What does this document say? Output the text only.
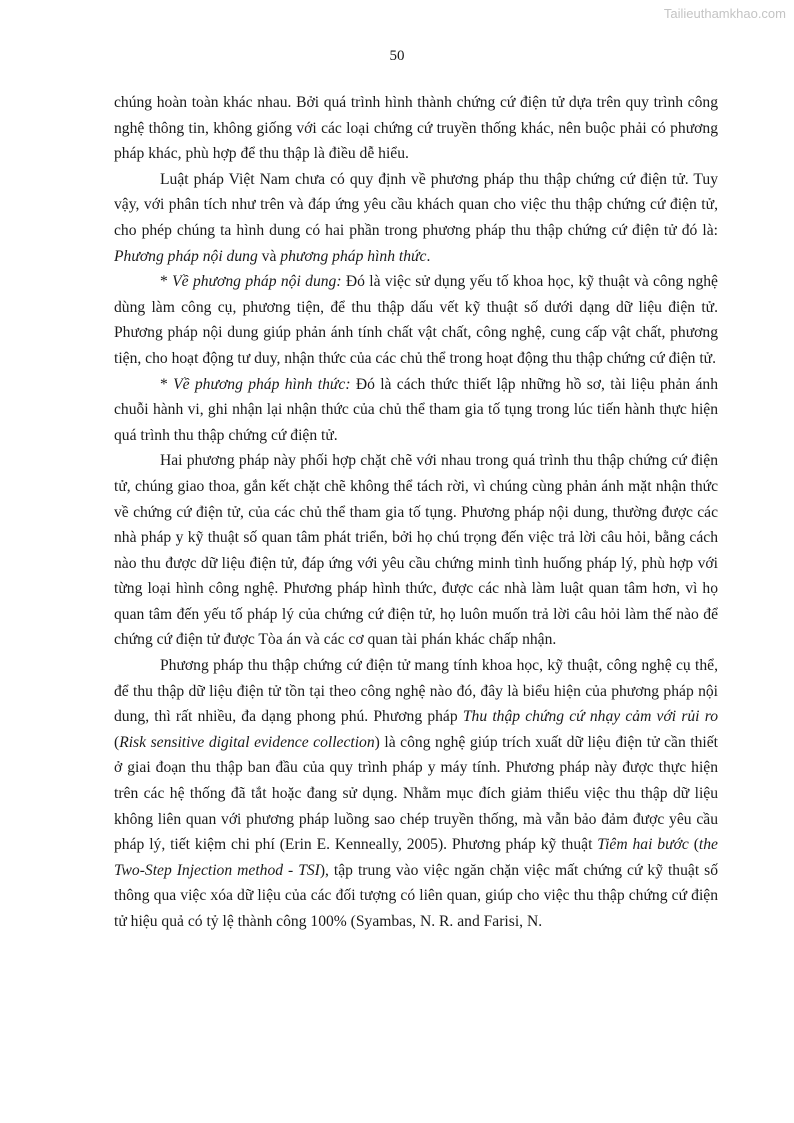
Tailieuthamkhao.com
50

chúng hoàn toàn khác nhau. Bởi quá trình hình thành chứng cứ điện tử dựa trên quy trình công nghệ thông tin, không giống với các loại chứng cứ truyền thống khác, nên buộc phải có phương pháp khác, phù hợp để thu thập là điều dễ hiểu.

Luật pháp Việt Nam chưa có quy định về phương pháp thu thập chứng cứ điện tử. Tuy vậy, với phân tích như trên và đáp ứng yêu cầu khách quan cho việc thu thập chứng cứ điện tử, cho phép chúng ta hình dung có hai phần trong phương pháp thu thập chứng cứ điện tử đó là: Phương pháp nội dung và phương pháp hình thức.

* Về phương pháp nội dung: Đó là việc sử dụng yếu tố khoa học, kỹ thuật và công nghệ dùng làm công cụ, phương tiện, để thu thập dấu vết kỹ thuật số dưới dạng dữ liệu điện tử. Phương pháp nội dung giúp phản ánh tính chất vật chất, công nghệ, cung cấp vật chất, phương tiện, cho hoạt động tư duy, nhận thức của các chủ thể trong hoạt động thu thập chứng cứ điện tử.

* Về phương pháp hình thức: Đó là cách thức thiết lập những hồ sơ, tài liệu phản ánh chuỗi hành vi, ghi nhận lại nhận thức của chủ thể tham gia tố tụng trong lúc tiến hành thực hiện quá trình thu thập chứng cứ điện tử.

Hai phương pháp này phối hợp chặt chẽ với nhau trong quá trình thu thập chứng cứ điện tử, chúng giao thoa, gắn kết chặt chẽ không thể tách rời, vì chúng cùng phản ánh mặt nhận thức về chứng cứ điện tử, của các chủ thể tham gia tố tụng. Phương pháp nội dung, thường được các nhà pháp y kỹ thuật số quan tâm phát triển, bởi họ chú trọng đến việc trả lời câu hỏi, bằng cách nào thu được dữ liệu điện tử, đáp ứng với yêu cầu chứng minh tình huống pháp lý, phù hợp với từng loại hình công nghệ. Phương pháp hình thức, được các nhà làm luật quan tâm hơn, vì họ quan tâm đến yếu tố pháp lý của chứng cứ điện tử, họ luôn muốn trả lời câu hỏi làm thế nào để chứng cứ điện tử được Tòa án và các cơ quan tài phán khác chấp nhận.

Phương pháp thu thập chứng cứ điện tử mang tính khoa học, kỹ thuật, công nghệ cụ thể, để thu thập dữ liệu điện tử tồn tại theo công nghệ nào đó, đây là biểu hiện của phương pháp nội dung, thì rất nhiều, đa dạng phong phú. Phương pháp Thu thập chứng cứ nhạy cảm với rủi ro (Risk sensitive digital evidence collection) là công nghệ giúp trích xuất dữ liệu điện tử cần thiết ở giai đoạn thu thập ban đầu của quy trình pháp y máy tính. Phương pháp này được thực hiện trên các hệ thống đã tắt hoặc đang sử dụng. Nhằm mục đích giảm thiểu việc thu thập dữ liệu không liên quan với phương pháp luồng sao chép truyền thống, mà vẫn bảo đảm được yêu cầu pháp lý, tiết kiệm chi phí (Erin E. Kenneally, 2005). Phương pháp kỹ thuật Tiêm hai bước (the Two-Step Injection method - TSI), tập trung vào việc ngăn chặn việc mất chứng cứ kỹ thuật số thông qua việc xóa dữ liệu của các đối tượng có liên quan, giúp cho việc thu thập chứng cứ điện tử hiệu quả có tỷ lệ thành công 100% (Syambas, N. R. and Farisi, N.
